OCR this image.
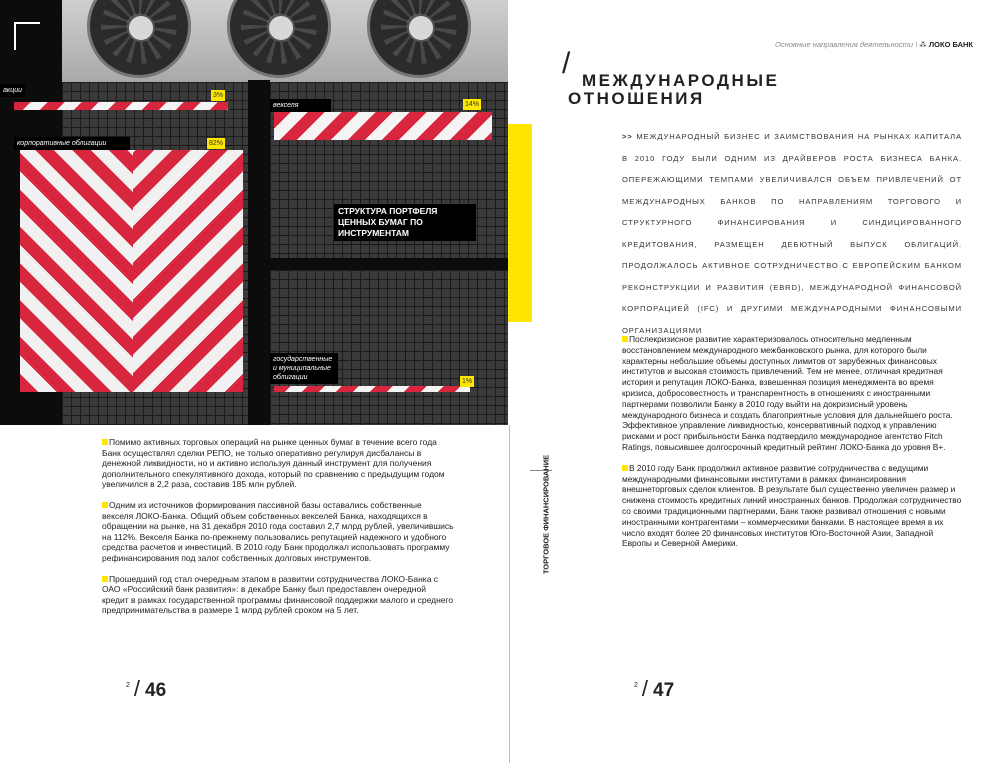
акции
3%
векселя	14%
корпоративные облигации	82%
государственные и муниципальные облигации
1%
СТРУКТУРА ПОРТФЕЛЯ ЦЕННЫХ БУМАГ ПО ИНСТРУМЕНТАМ

Помимо активных торговых операций на рынке ценных бумаг в течение всего года Банк осуществлял сделки РЕПО, не только оперативно регулируя дисбалансы в денежной ликвидности, но и активно используя данный инструмент для получения дополнительного спекулятивного дохода, который по сравнению с предыдущим годом увеличился в 2,2 раза, составив 185 млн рублей.

Одним из источников формирования пассивной базы оставались собственные векселя ЛОКО-Банка. Общий объем собственных векселей Банка, находящихся в обращении на рынке, на 31 декабря 2010 года составил 2,7 млрд рублей, увеличившись на 112%. Векселя Банка по-прежнему пользовались репутацией надежного и удобного средства расчетов и инвестиций. В 2010 году Банк продолжал использовать программу рефинансирования под залог собственных долговых инструментов.

Прошедший год стал очередным этапом в развитии сотрудничества ЛОКО-Банка с ОАО «Российский банк развития»: в декабре Банку был предоставлен очередной кредит в рамках государственной программы финансовой поддержки малого и среднего предпринимательства в размере 1 млрд рублей сроком на 5 лет.

$^2$ / 46
ТОРГОВОЕ ФИНАНСИРОВАНИЕ
Основные направления деятельности \ ⁂ ЛОКО БАНК
/
МЕЖДУНАРОДНЫЕ
ОТНОШЕНИЯ
>> МЕЖДУНАРОДНЫЙ БИЗНЕС И ЗАИМСТВОВАНИЯ НА РЫНКАХ КАПИТАЛА В 2010 ГОДУ БЫЛИ ОДНИМ ИЗ ДРАЙВЕРОВ РОСТА БИЗНЕСА БАНКА. ОПЕРЕЖАЮЩИМИ ТЕМПАМИ УВЕЛИЧИВАЛСЯ ОБЪЕМ ПРИВЛЕЧЕНИЙ ОТ МЕЖДУНАРОДНЫХ БАНКОВ ПО НАПРАВЛЕНИЯМ ТОРГОВОГО И СТРУКТУРНОГО ФИНАНСИРОВАНИЯ И СИНДИЦИРОВАННОГО КРЕДИТОВАНИЯ, РАЗМЕЩЕН ДЕБЮТНЫЙ ВЫПУСК ОБЛИГАЦИЙ. ПРОДОЛЖАЛОСЬ АКТИВНОЕ СОТРУДНИЧЕСТВО С ЕВРОПЕЙСКИМ БАНКОМ РЕКОНСТРУКЦИИ И РАЗВИТИЯ (EBRD), МЕЖДУНАРОДНОЙ ФИНАНСОВОЙ КОРПОРАЦИЕЙ (IFC) И ДРУГИМИ МЕЖДУНАРОДНЫМИ ФИНАНСОВЫМИ ОРГАНИЗАЦИЯМИ

Послекризисное развитие характеризовалось относительно медленным восстановлением международного межбанковского рынка, для которого были характерны небольшие объемы доступных лимитов от зарубежных финансовых институтов и высокая стоимость привлечений. Тем не менее, отличная кредитная история и репутация ЛОКО-Банка, взвешенная позиция менеджмента во время кризиса, добросовестность и транспарентность в отношениях с иностранными партнерами позволили Банку в 2010 году выйти на докризисный уровень международного бизнеса и создать благоприятные условия для дальнейшего роста. Эффективное управление ликвидностью, консервативный подход к управлению рисками и рост прибыльности Банка подтвердило международное агентство Fitch Ratings, повысившее долгосрочный кредитный рейтинг ЛОКО-Банка до уровня B+.

В 2010 году Банк продолжил активное развитие сотрудничества с ведущими международными финансовыми институтами в рамках финансирования внешнеторговых сделок клиентов. В результате был существенно увеличен размер и снижена стоимость кредитных линий иностранных банков. Продолжая сотрудничество со своими традиционными партнерами, Банк также развивал отношения с новыми иностранными контрагентами – коммерческими банками. В настоящее время в их число входят более 20 финансовых институтов Юго-Восточной Азии, Западной Европы и Северной Америки.

$^2$ / 47
